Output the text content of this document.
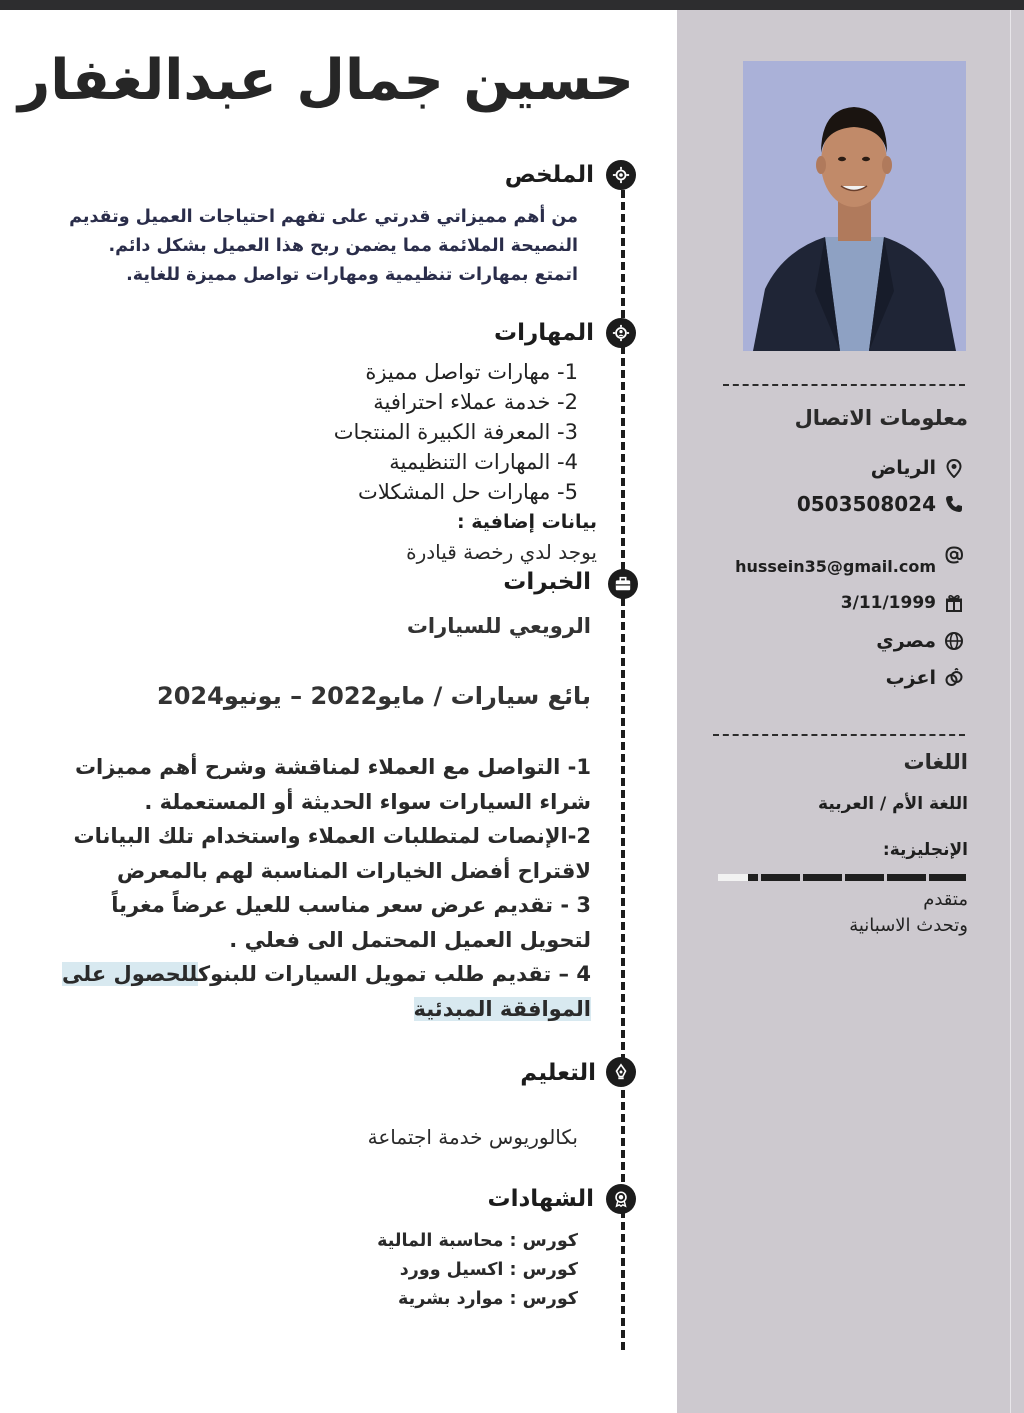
حسين جمال عبدالغفار
الملخص
من أهم مميزاتي قدرتي على تفهم احتياجات العميل وتقديم
النصيحة الملائمة مما يضمن ربح هذا العميل بشكل دائم.
اتمتع بمهارات تنظيمية ومهارات تواصل مميزة للغاية.
المهارات
1- مهارات تواصل مميزة
2- خدمة عملاء احترافية
3- المعرفة الكبيرة المنتجات
4- المهارات التنظيمية
5- مهارات حل المشكلات
بيانات إضافية :
يوجد لدي رخصة قيادرة
الخبرات
الرويعي للسيارات
بائع سيارات / مايو2022 – يونيو2024
1- التواصل مع العملاء لمناقشة وشرح أهم مميزات
شراء السيارات سواء الحديثة أو المستعملة .
2-الإنصات لمتطلبات العملاء واستخدام تلك البيانات
لاقتراح أفضل الخيارات المناسبة لهم بالمعرض
3 - تقديم عرض سعر مناسب للعيل عرضاً مغرياً
لتحويل العميل المحتمل الى فعلي .
4 – تقديم طلب تمويل السيارات للبنوكللحصول على
الموافقة المبدئية
التعليم
بكالوريوس خدمة اجتماعة
الشهادات
كورس : محاسبة المالية
كورس : اكسيل وورد
كورس : موارد بشرية
معلومات الاتصال
الرياض
0503508024
hussein35@gmail.com
3/11/1999
مصري
اعزب
اللغات
اللغة الأم / العربية
الإنجليزية:
متقدم
وتحدث الاسبانية
